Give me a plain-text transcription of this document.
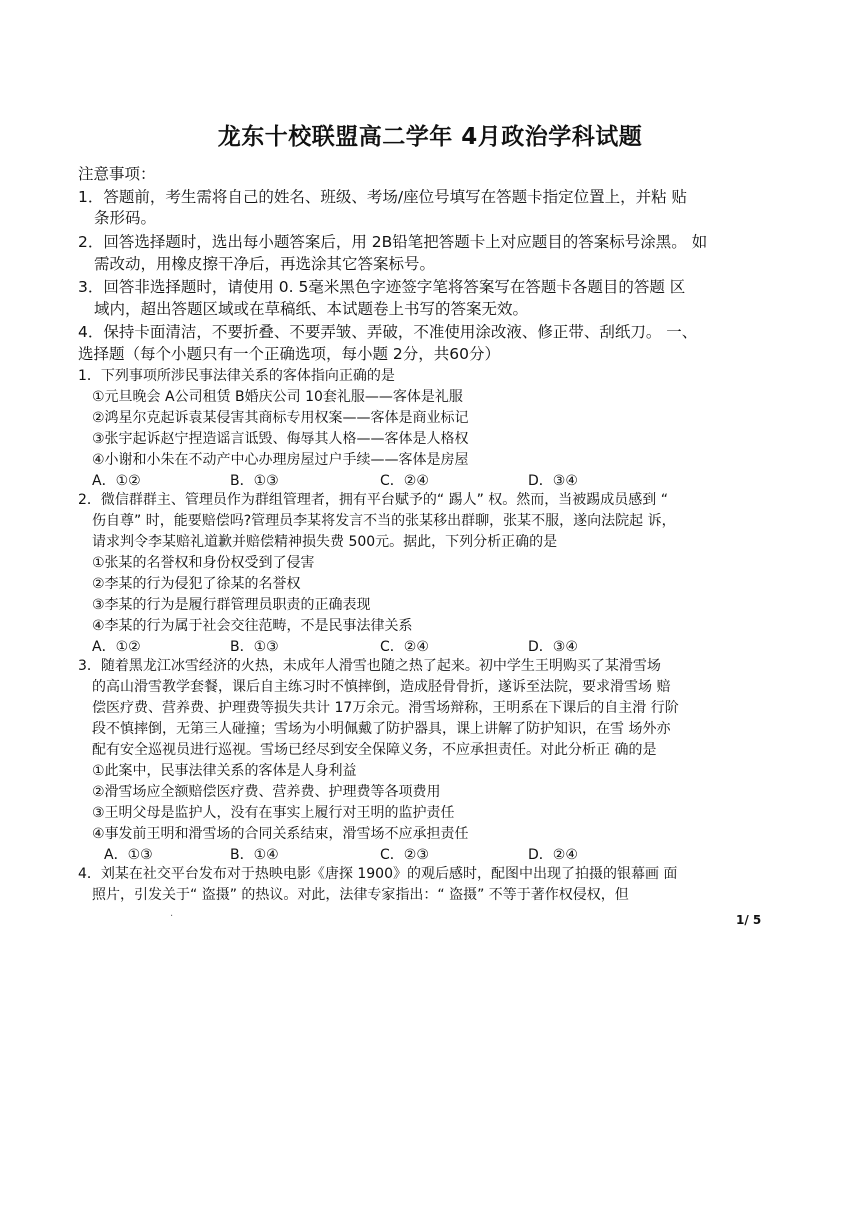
龙东十校联盟高二学年 4月政治学科试题
注意事项：
1．答题前，考生需将自己的姓名、班级、考场/座位号填写在答题卡指定位置上，并粘 贴
条形码。
2．回答选择题时，选出每小题答案后，用 2B铅笔把答题卡上对应题目的答案标号涂黑。 如
需改动，用橡皮擦干净后，再选涂其它答案标号。
3．回答非选择题时，请使用 0. 5毫米黑色字迹签字笔将答案写在答题卡各题目的答题 区
域内，超出答题区域或在草稿纸、本试题卷上书写的答案无效。
4．保持卡面清洁，不要折叠、不要弄皱、弄破，不准使用涂改液、修正带、刮纸刀。 一、
选择题（每个小题只有一个正确选项，每小题 2分，共60分）
1．下列事项所涉民事法律关系的客体指向正确的是
①元旦晚会 A公司租赁 B婚庆公司 10套礼服——客体是礼服
②鸿星尔克起诉袁某侵害其商标专用权案——客体是商业标记
③张宇起诉赵宁捏造谣言诋毁、侮辱其人格——客体是人格权
④小谢和小朱在不动产中心办理房屋过户手续——客体是房屋
A．①②	B．①③	C．②④	D．③④
2．微信群群主、管理员作为群组管理者，拥有平台赋予的“ 踢人” 权。然而，当被踢成员感到 “
伤自尊” 时，能要赔偿吗?管理员李某将发言不当的张某移出群聊，张某不服，遂向法院起 诉，
请求判令李某赔礼道歉并赔偿精神损失费 500元。据此，下列分析正确的是
①张某的名誉权和身份权受到了侵害
②李某的行为侵犯了徐某的名誉权
③李某的行为是履行群管理员职责的正确表现
④李某的行为属于社会交往范畴，不是民事法律关系
A．①②	B．①③	C．②④	D．③④
3．随着黑龙江冰雪经济的火热，未成年人滑雪也随之热了起来。初中学生王明购买了某滑雪场
的高山滑雪教学套餐，课后自主练习时不慎摔倒，造成胫骨骨折，遂诉至法院，要求滑雪场 赔
偿医疗费、营养费、护理费等损失共计 17万余元。滑雪场辩称，王明系在下课后的自主滑 行阶
段不慎摔倒，无第三人碰撞；雪场为小明佩戴了防护器具，课上讲解了防护知识，在雪 场外亦
配有安全巡视员进行巡视。雪场已经尽到安全保障义务，不应承担责任。对此分析正 确的是
①此案中，民事法律关系的客体是人身利益
②滑雪场应全额赔偿医疗费、营养费、护理费等各项费用
③王明父母是监护人，没有在事实上履行对王明的监护责任
④事发前王明和滑雪场的合同关系结束，滑雪场不应承担责任
A．①③	B．①④	C．②③	D．②④
4．刘某在社交平台发布对于热映电影《唐探 1900》的观后感时，配图中出现了拍摄的银幕画 面
照片，引发关于“ 盗摄” 的热议。对此，法律专家指出：“ 盗摄” 不等于著作权侵权，但
.	1/ 5
